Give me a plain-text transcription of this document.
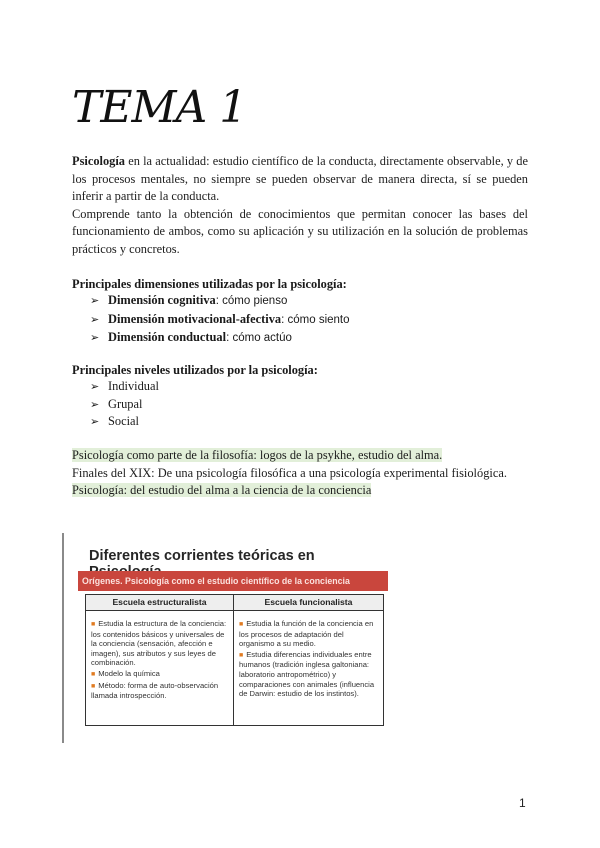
TEMA 1

Psicología en la actualidad: estudio científico de la conducta, directamente observable, y de los procesos mentales, no siempre se pueden observar de manera directa, sí se pueden inferir a partir de la conducta.

Comprende tanto la obtención de conocimientos que permitan conocer las bases del funcionamiento de ambos, como su aplicación y su utilización en la solución de problemas prácticos y concretos.

Principales dimensiones utilizadas por la psicología:

➢ Dimensión cognitiva: cómo pienso
➢ Dimensión motivacional-afectiva: cómo siento
➢ Dimensión conductual: cómo actúo

Principales niveles utilizados por la psicología:

➢ Individual
➢ Grupal
➢ Social

Psicología como parte de la filosofía: logos de la psykhe, estudio del alma.

Finales del XIX: De una psicología filosófica a una psicología experimental fisiológica.

Psicología: del estudio del alma a la ciencia de la conciencia

Diferentes corrientes teóricas en
Orígenes. Psicología como el estudio científico de la conciencia
Escuela estructuralista

■ Estudia la estructura de la conciencia: los contenidos básicos y universales de la conciencia (sensación, afección e imagen), sus atributos y sus leyes de combinación.

■ Modelo la química

■ Método: forma de auto-observación llamada introspección.

Escuela funcionalista

■ Estudia la función de la conciencia en los procesos de adaptación del organismo a su medio.

■ Estudia diferencias individuales entre humanos (tradición inglesa galtoniana: laboratorio antropométrico) y comparaciones con animales (influencia de Darwin: estudio de los instintos).

1
